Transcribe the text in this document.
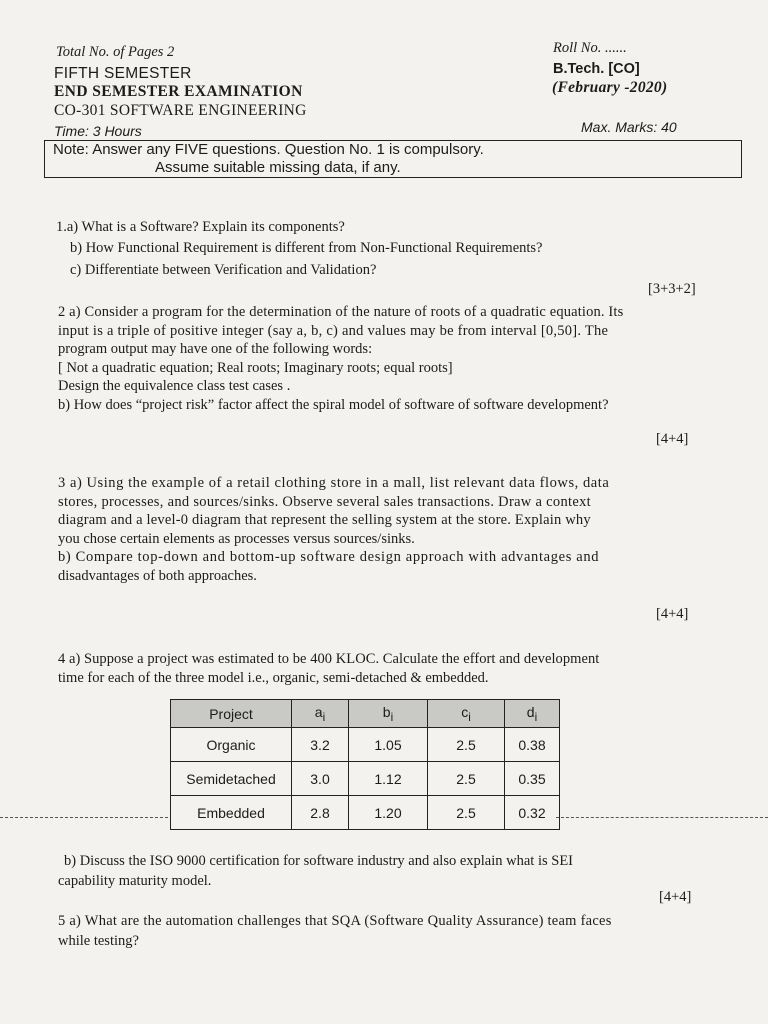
Total No. of Pages 2
FIFTH SEMESTER
END SEMESTER EXAMINATION
CO-301 SOFTWARE ENGINEERING
Time: 3 Hours
Roll No. ......
B.Tech. [CO]
(February -2020)
Max. Marks: 40
Note: Answer any FIVE questions. Question No. 1 is compulsory.
Assume suitable missing data, if any.
1.a) What is a Software? Explain its components?
b) How Functional Requirement is different from Non-Functional Requirements?
c) Differentiate between Verification and Validation?
[3+3+2]
2 a) Consider a program for the determination of the nature of roots of a quadratic equation. Its
input is a triple of positive integer (say a, b, c) and values may be from interval [0,50]. The
program output may have one of the following words:
[ Not a quadratic equation; Real roots; Imaginary roots; equal roots]
Design the equivalence class test cases .
b) How does “project risk” factor affect the spiral model of software of software development?
[4+4]
3 a) Using the example of a retail clothing store in a mall, list relevant data flows, data
stores, processes, and sources/sinks. Observe several sales transactions. Draw a context
diagram and a level-0 diagram that represent the selling system at the store. Explain why
you chose certain elements as processes versus sources/sinks.
b) Compare top-down and bottom-up software design approach with advantages and
disadvantages of both approaches.
[4+4]
4 a) Suppose a project was estimated to be 400 KLOC. Calculate the effort and development
time for each of the three model i.e., organic, semi-detached & embedded.
Project	$a_i$	$b_i$	$c_i$	$d_i$
Organic	3.2	1.05	2.5	0.38
Semidetached	3.0	1.12	2.5	0.35
Embedded	2.8	1.20	2.5	0.32
b) Discuss the ISO 9000 certification for software industry and also explain what is SEI
capability maturity model.
[4+4]
5 a) What are the automation challenges that SQA (Software Quality Assurance) team faces
while testing?
